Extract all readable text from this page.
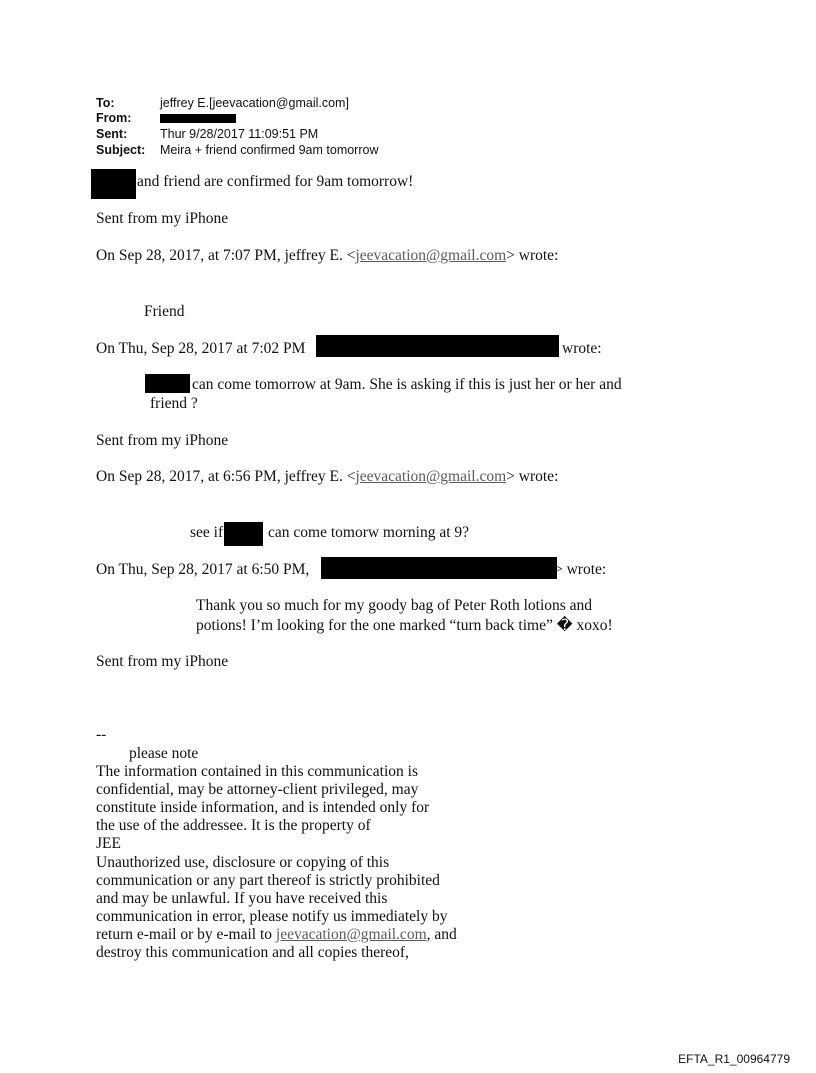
To:	jeffrey E.[jeevacation@gmail.com]
From:
Sent:	Thur 9/28/2017 11:09:51 PM
Subject: Meira + friend confirmed 9am tomorrow
and friend are confirmed for 9am tomorrow!
Sent from my iPhone
On Sep 28, 2017, at 7:07 PM, jeffrey E. <jeevacation@gmail.com> wrote:
Friend
On Thu, Sep 28, 2017 at 7:02 PM	wrote:
can come tomorrow at 9am. She is asking if this is just her or her and
friend ?
Sent from my iPhone
On Sep 28, 2017, at 6:56 PM, jeffrey E. <jeevacation@gmail.com> wrote:
see if	can come tomorw morning at 9?
On Thu, Sep 28, 2017 at 6:50 PM,	> wrote:
Thank you so much for my goody bag of Peter Roth lotions and
potions! I’m looking for the one marked “turn back time” � xoxo!
Sent from my iPhone
--
please note
The information contained in this communication is
confidential, may be attorney-client privileged, may
constitute inside information, and is intended only for
the use of the addressee. It is the property of
JEE
Unauthorized use, disclosure or copying of this
communication or any part thereof is strictly prohibited
and may be unlawful. If you have received this
communication in error, please notify us immediately by
return e-mail or by e-mail to jeevacation@gmail.com, and
destroy this communication and all copies thereof,
EFTA_R1_00964779
